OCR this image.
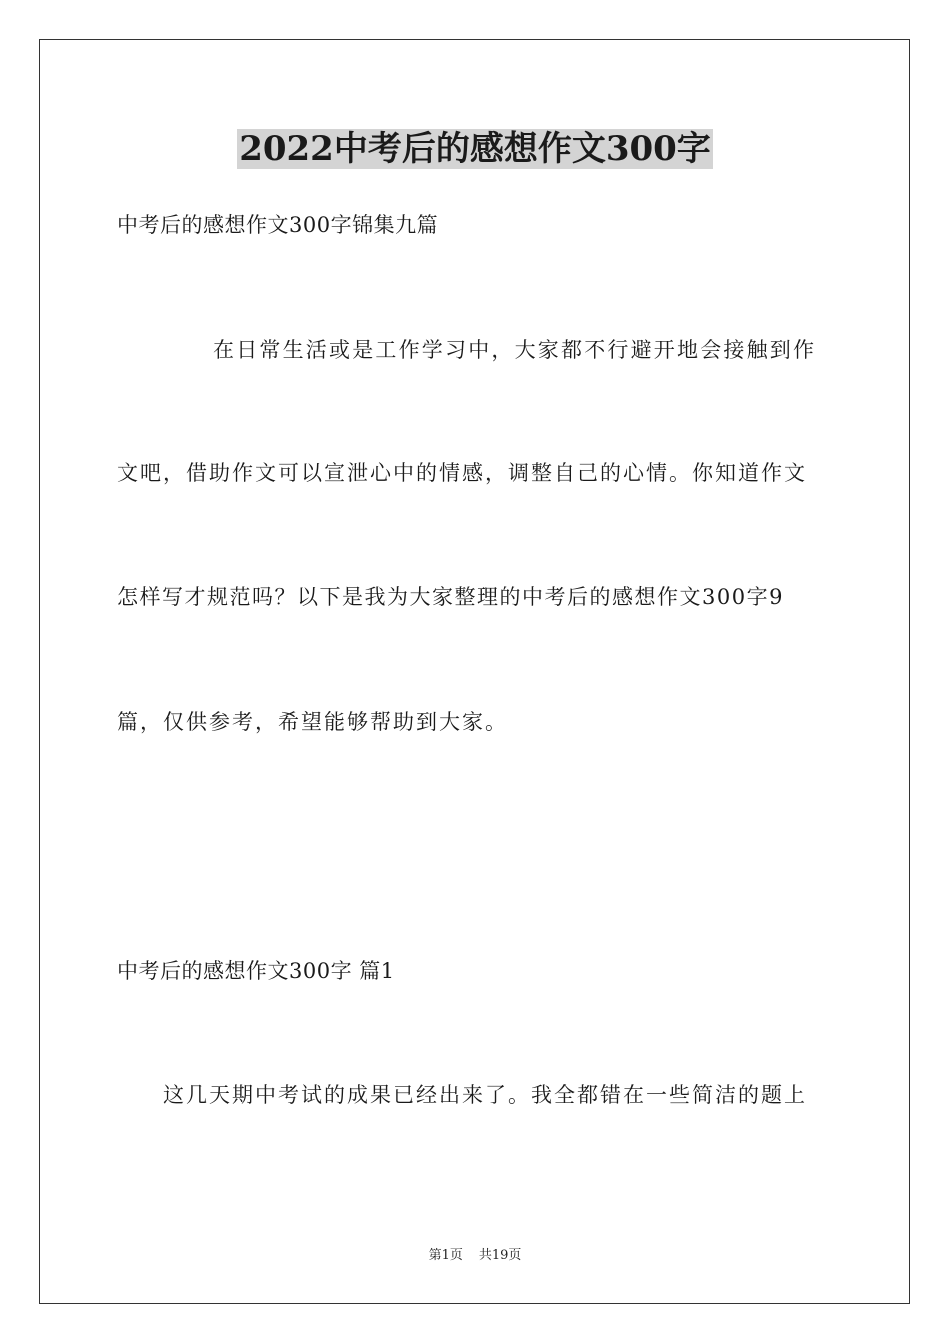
2022中考后的感想作文300字
中考后的感想作文300字锦集九篇
在日常生活或是工作学习中，大家都不行避开地会接触到作
文吧，借助作文可以宣泄心中的情感，调整自己的心情。你知道作文
怎样写才规范吗？以下是我为大家整理的中考后的感想作文300字9
篇，仅供参考，希望能够帮助到大家。
中考后的感想作文300字 篇1
这几天期中考试的成果已经出来了。我全都错在一些简洁的题上
第1页 共19页
